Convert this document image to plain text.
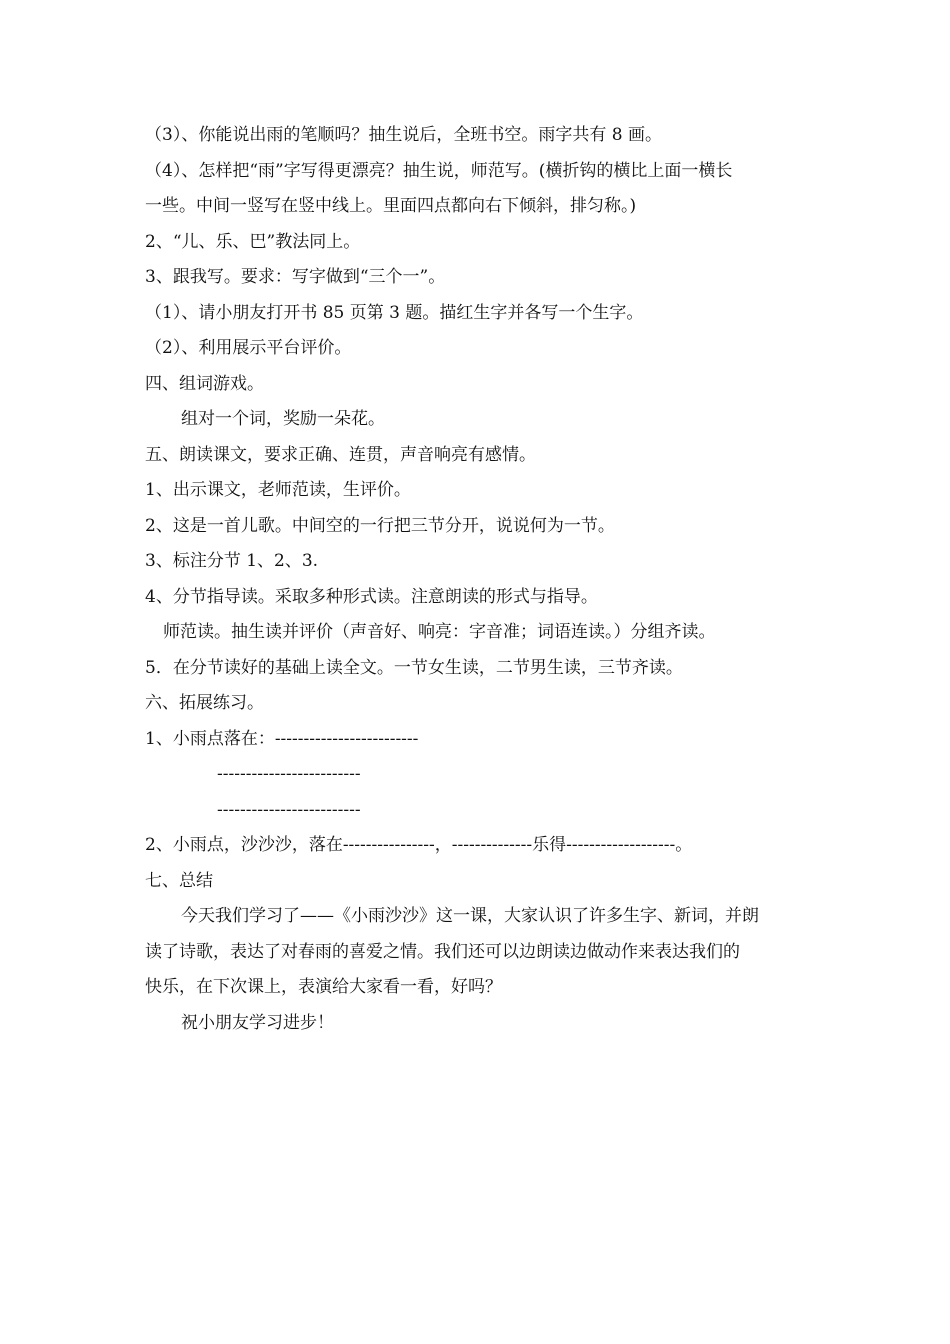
（3）、你能说出雨的笔顺吗？抽生说后，全班书空。雨字共有 8 画。
（4）、怎样把“雨”字写得更漂亮？抽生说，师范写。(横折钩的横比上面一横长
一些。中间一竖写在竖中线上。里面四点都向右下倾斜，排匀称。)
2、“儿、乐、巴”教法同上。
3、跟我写。要求：写字做到“三个一”。
（1）、请小朋友打开书 85 页第 3 题。描红生字并各写一个生字。
（2）、利用展示平台评价。
四、组词游戏。
组对一个词，奖励一朵花。
五、朗读课文，要求正确、连贯，声音响亮有感情。
1、出示课文，老师范读，生评价。
2、这是一首儿歌。中间空的一行把三节分开，说说何为一节。
3、标注分节 1、2、3.
4、分节指导读。采取多种形式读。注意朗读的形式与指导。
师范读。抽生读并评价（声音好、响亮：字音准；词语连读。）分组齐读。
5．在分节读好的基础上读全文。一节女生读，二节男生读，三节齐读。
六、拓展练习。
1、小雨点落在：-------------------------
-------------------------
-------------------------
2、小雨点，沙沙沙，落在----------------，--------------乐得-------------------。
七、总结
今天我们学习了——《小雨沙沙》这一课，大家认识了许多生字、新词，并朗
读了诗歌，表达了对春雨的喜爱之情。我们还可以边朗读边做动作来表达我们的
快乐，在下次课上，表演给大家看一看，好吗？
祝小朋友学习进步！
